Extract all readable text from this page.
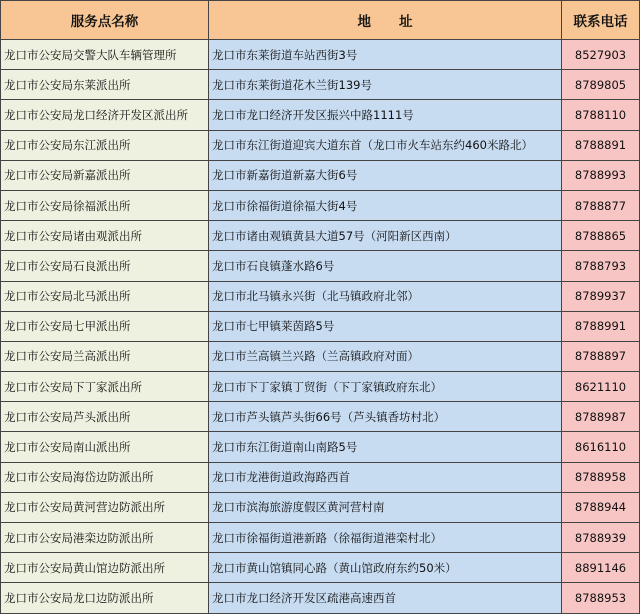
服务点名称	地 址	联系电话
龙口市公安局交警大队车辆管理所	龙口市东莱街道车站西街3号	8527903
龙口市公安局东莱派出所	龙口市东莱街道花木兰街139号	8789805
龙口市公安局龙口经济开发区派出所	龙口市龙口经济开发区振兴中路1111号	8788110
龙口市公安局东江派出所	龙口市东江街道迎宾大道东首（龙口市火车站东约460米路北）	8788891
龙口市公安局新嘉派出所	龙口市新嘉街道新嘉大街6号	8788993
龙口市公安局徐福派出所	龙口市徐福街道徐福大街4号	8788877
龙口市公安局诸由观派出所	龙口市诸由观镇黄县大道57号（河阳新区西南）	8788865
龙口市公安局石良派出所	龙口市石良镇蓬水路6号	8788793
龙口市公安局北马派出所	龙口市北马镇永兴街（北马镇政府北邻）	8789937
龙口市公安局七甲派出所	龙口市七甲镇莱茵路5号	8788991
龙口市公安局兰高派出所	龙口市兰高镇兰兴路（兰高镇政府对面）	8788897
龙口市公安局下丁家派出所	龙口市下丁家镇丁贸街（下丁家镇政府东北）	8621110
龙口市公安局芦头派出所	龙口市芦头镇芦头街66号（芦头镇香坊村北）	8788987
龙口市公安局南山派出所	龙口市东江街道南山南路5号	8616110
龙口市公安局海岱边防派出所	龙口市龙港街道政海路西首	8788958
龙口市公安局黄河营边防派出所	龙口市滨海旅游度假区黄河营村南	8788944
龙口市公安局港栾边防派出所	龙口市徐福街道港新路（徐福街道港栾村北）	8788939
龙口市公安局黄山馆边防派出所	龙口市黄山馆镇同心路（黄山馆政府东约50米）	8891146
龙口市公安局龙口边防派出所	龙口市龙口经济开发区疏港高速西首	8788953
